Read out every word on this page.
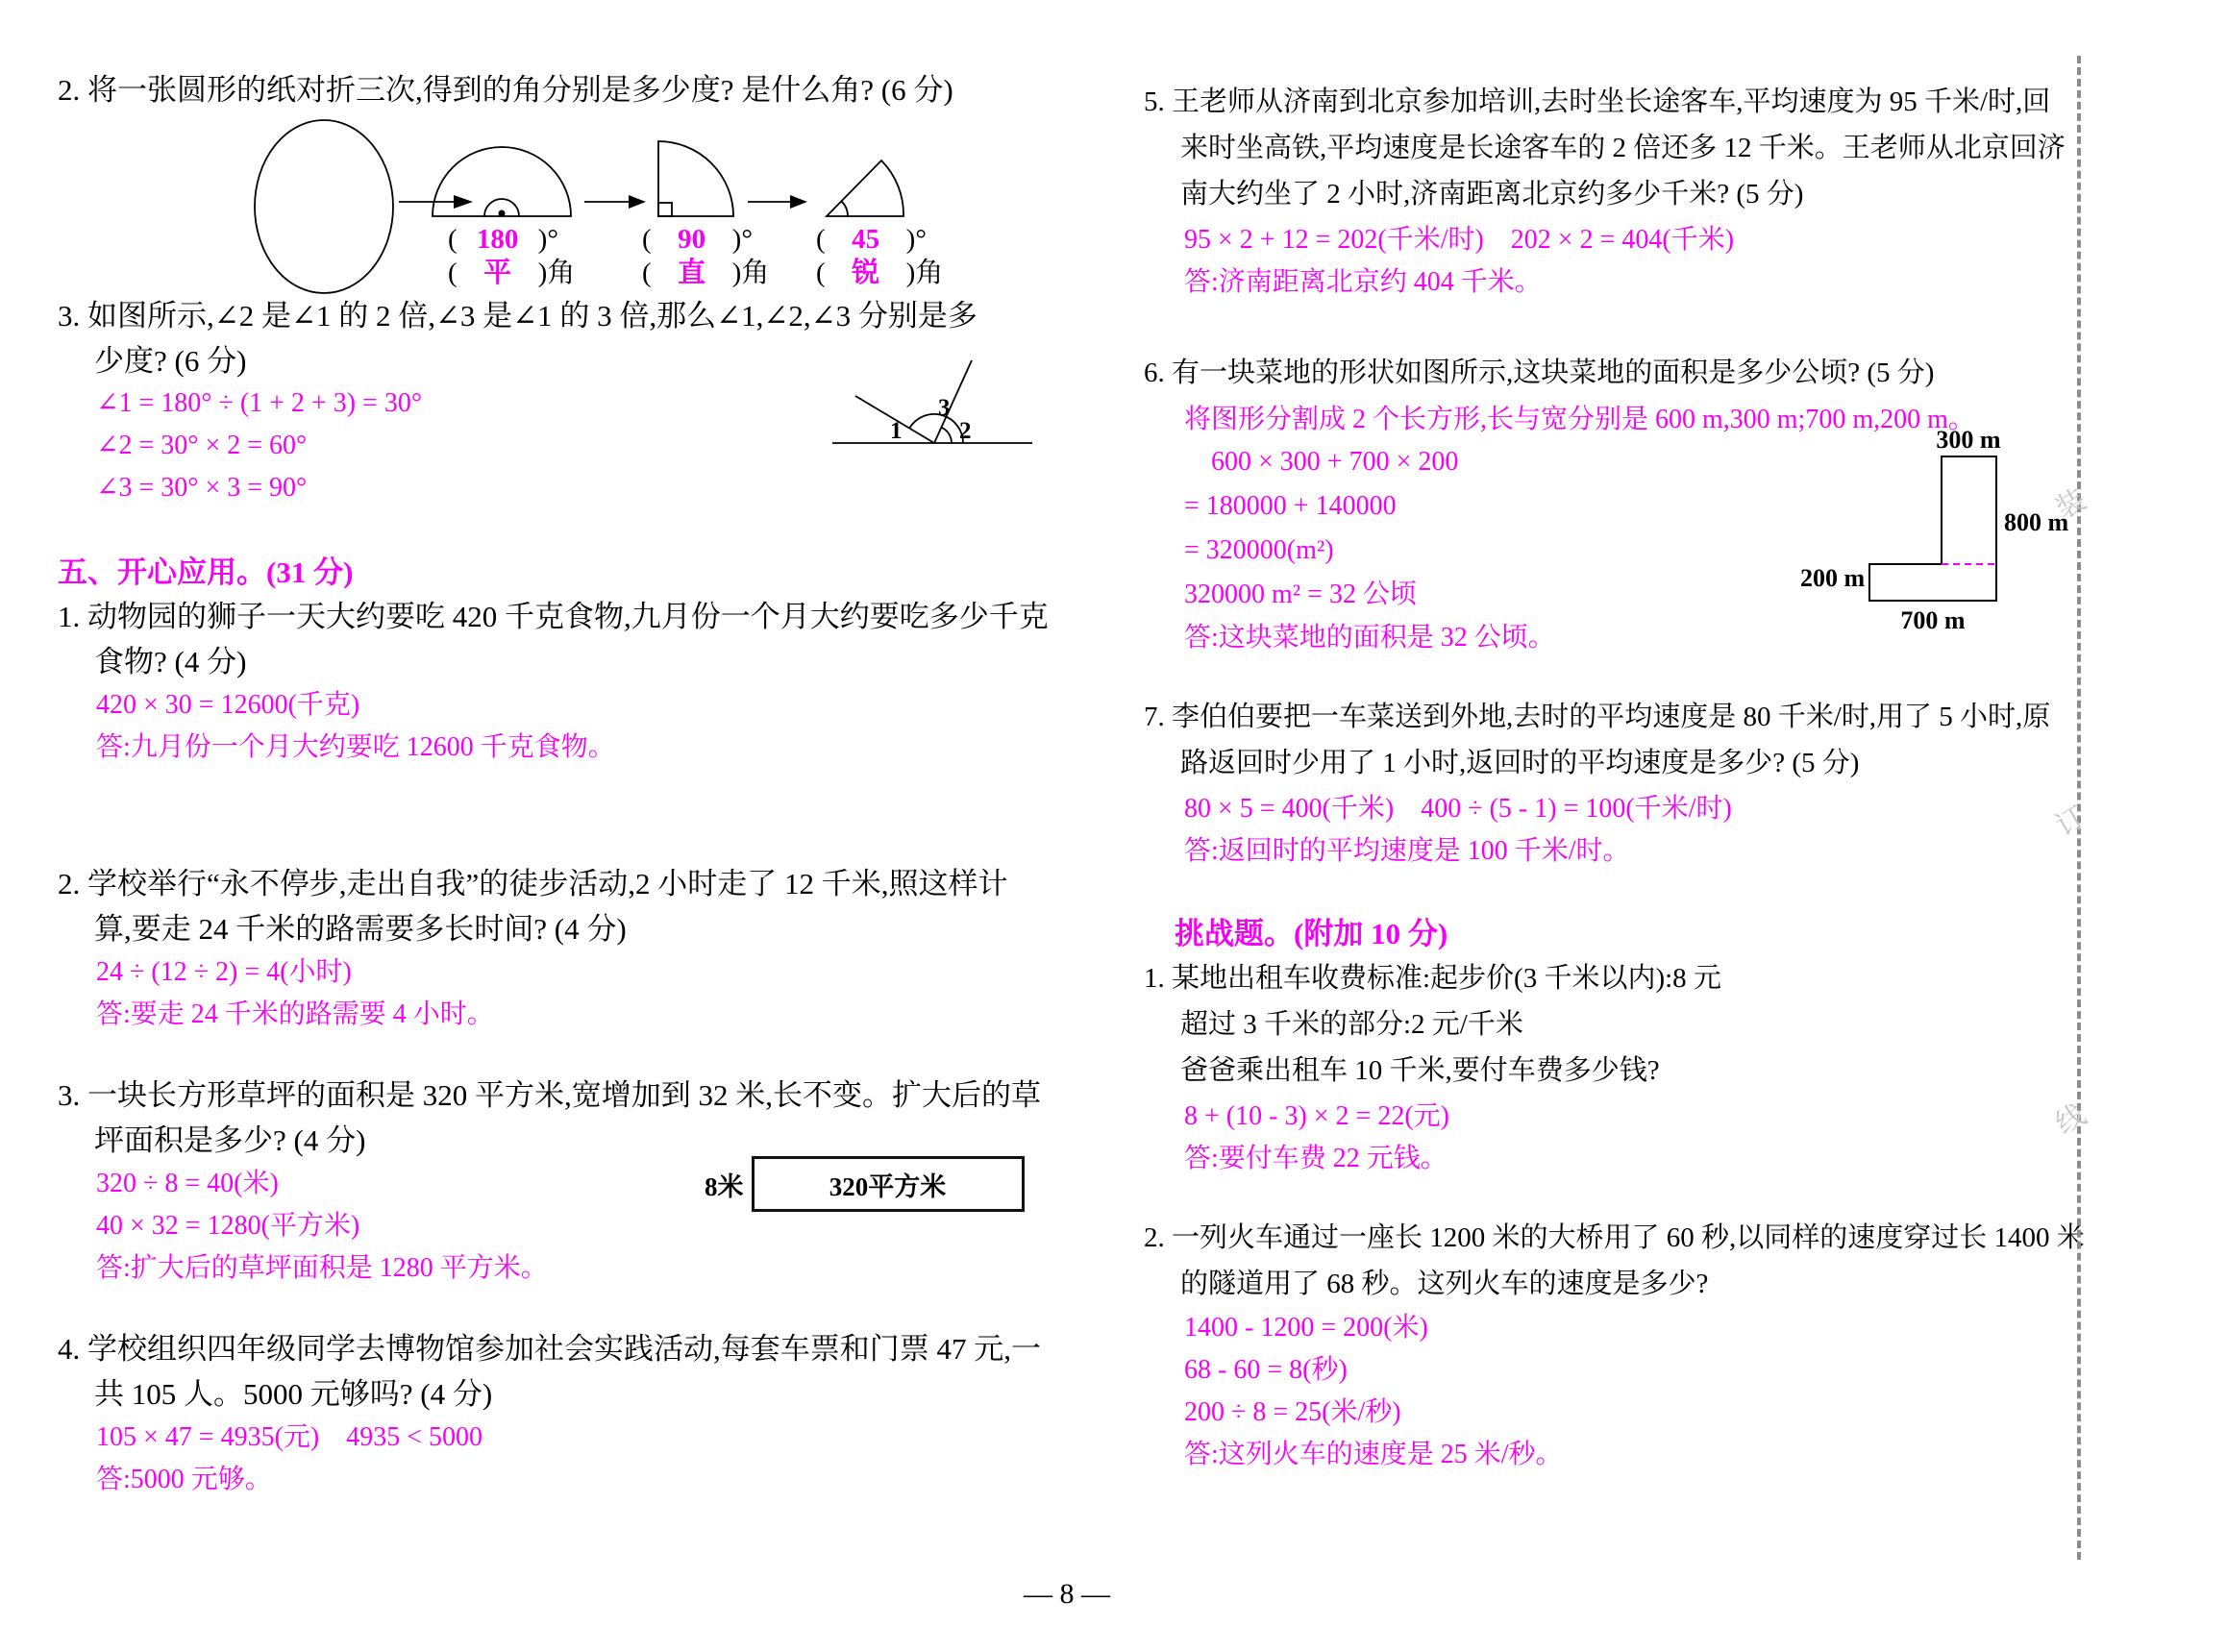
2. 将一张圆形的纸对折三次,得到的角分别是多少度? 是什么角? (6 分)
( 180 ) °
( 平 ) 角
( 90 ) °
( 直 ) 角
( 45 ) °
( 锐 ) 角
3. 如图所示,∠2 是∠1 的 2 倍,∠3 是∠1 的 3 倍,那么∠1,∠2,∠3 分别是多
少度? (6 分)
∠1 = 180° ÷ (1 + 2 + 3) = 30°
∠2 = 30° × 2 = 60°
∠3 = 30° × 3 = 90°
1
3
2
五、开心应用。(31 分)
1. 动物园的狮子一天大约要吃 420 千克食物,九月份一个月大约要吃多少千克
食物? (4 分)
420 × 30 = 12600(千克)
答:九月份一个月大约要吃 12600 千克食物。
2. 学校举行“永不停步,走出自我”的徒步活动,2 小时走了 12 千米,照这样计
算,要走 24 千米的路需要多长时间? (4 分)
24 ÷ (12 ÷ 2) = 4(小时)
答:要走 24 千米的路需要 4 小时。
3. 一块长方形草坪的面积是 320 平方米,宽增加到 32 米,长不变。扩大后的草
坪面积是多少? (4 分)
320 ÷ 8 = 40(米)
40 × 32 = 1280(平方米)
答:扩大后的草坪面积是 1280 平方米。
8米	320平方米
4. 学校组织四年级同学去博物馆参加社会实践活动,每套车票和门票 47 元,一
共 105 人。5000 元够吗? (4 分)
105 × 47 = 4935(元)　4935 < 5000
答:5000 元够。
5. 王老师从济南到北京参加培训,去时坐长途客车,平均速度为 95 千米/时,回
来时坐高铁,平均速度是长途客车的 2 倍还多 12 千米。王老师从北京回济
南大约坐了 2 小时,济南距离北京约多少千米? (5 分)
95 × 2 + 12 = 202(千米/时)　202 × 2 = 404(千米)
答:济南距离北京约 404 千米。
6. 有一块菜地的形状如图所示,这块菜地的面积是多少公顷? (5 分)
将图形分割成 2 个长方形,长与宽分别是 600 m,300 m;700 m,200 m。
600 × 300 + 700 × 200
= 180000 + 140000
= 320000(m²)
320000 m² = 32 公顷
答:这块菜地的面积是 32 公顷。
300 m
800 m
200 m
700 m
7. 李伯伯要把一车菜送到外地,去时的平均速度是 80 千米/时,用了 5 小时,原
路返回时少用了 1 小时,返回时的平均速度是多少? (5 分)
80 × 5 = 400(千米)　400 ÷ (5 - 1) = 100(千米/时)
答:返回时的平均速度是 100 千米/时。
挑战题。(附加 10 分)
1. 某地出租车收费标准:起步价(3 千米以内):8 元
超过 3 千米的部分:2 元/千米
爸爸乘出租车 10 千米,要付车费多少钱?
8 + (10 - 3) × 2 = 22(元)
答:要付车费 22 元钱。
2. 一列火车通过一座长 1200 米的大桥用了 60 秒,以同样的速度穿过长 1400 米
的隧道用了 68 秒。这列火车的速度是多少?
1400 - 1200 = 200(米)
68 - 60 = 8(秒)
200 ÷ 8 = 25(米/秒)
答:这列火车的速度是 25 米/秒。
装
订
线
— 8 —
